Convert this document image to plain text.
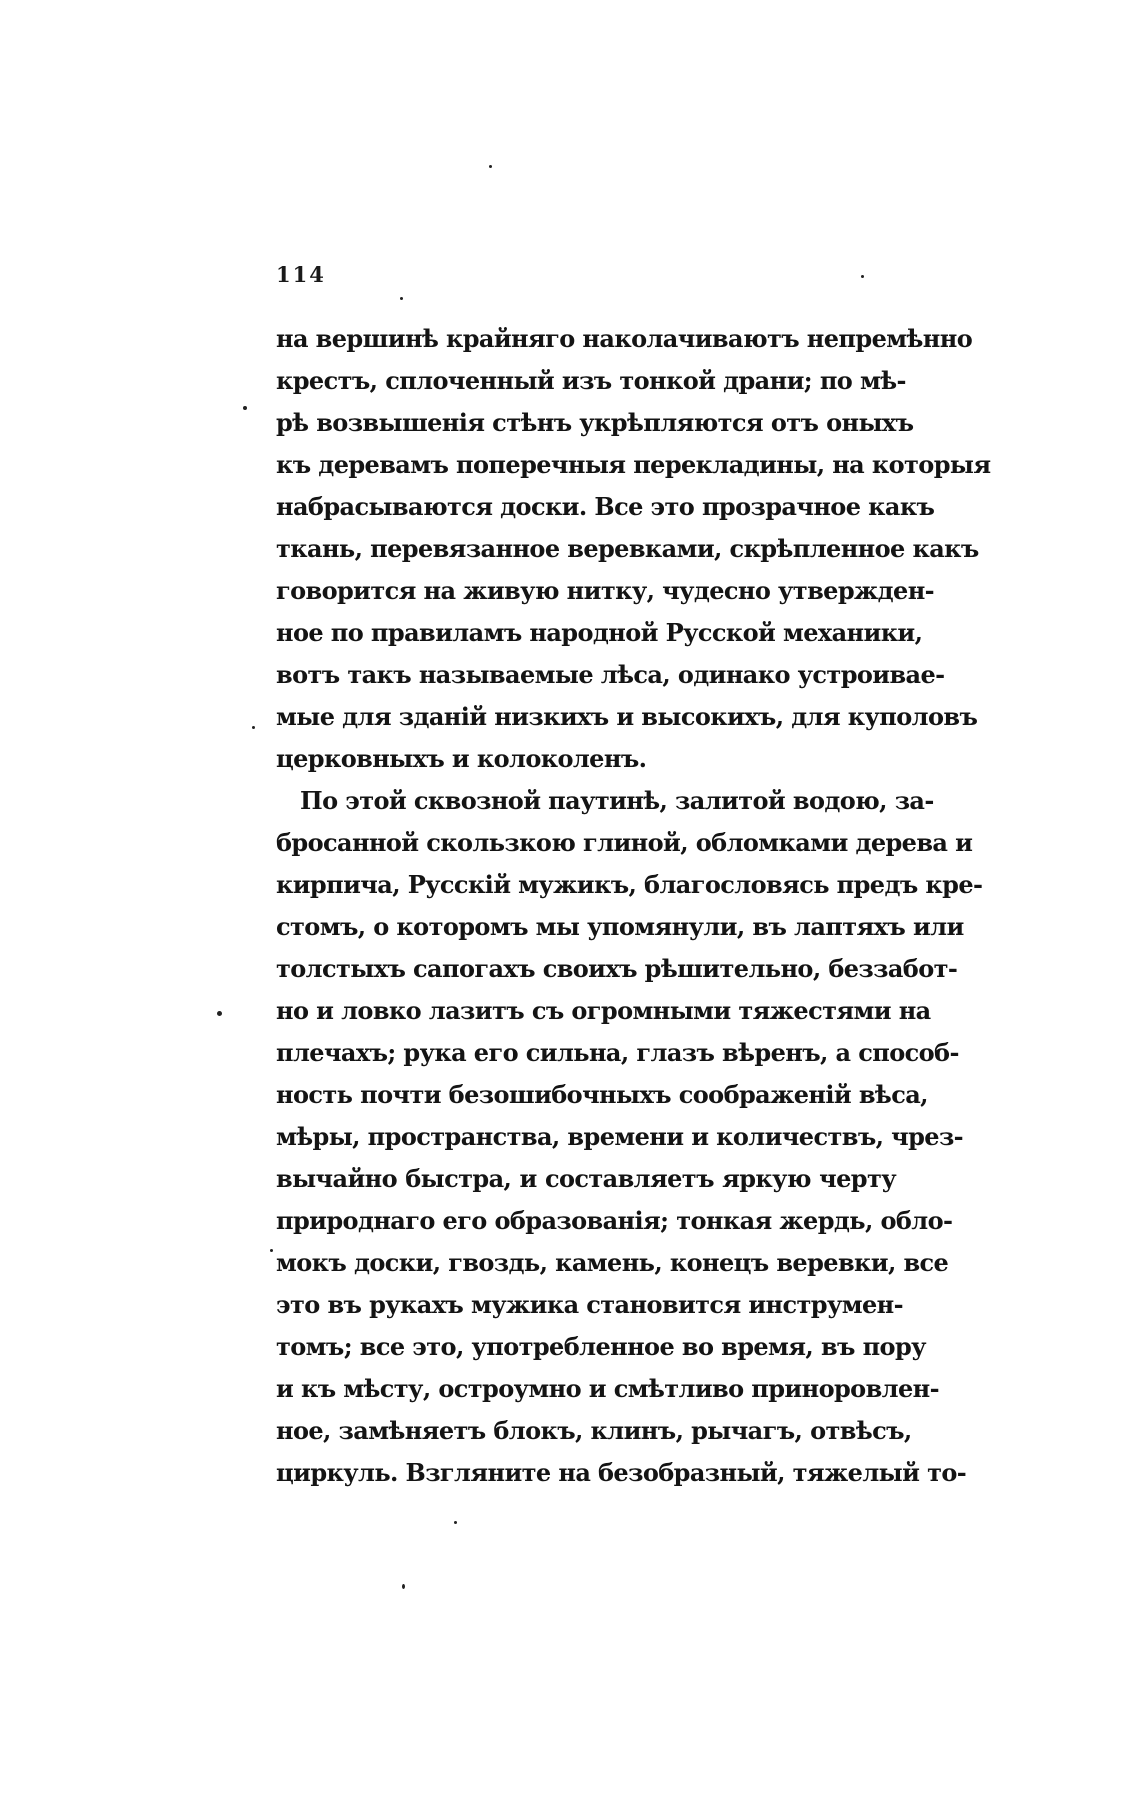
114
на вершинѣ крайняго наколачиваютъ непремѣнно
крестъ, сплоченный изъ тонкой драни; по мѣ-
рѣ возвышенія стѣнъ укрѣпляются отъ оныхъ
къ деревамъ поперечныя перекладины, на которыя
набрасываются доски. Все это прозрачное какъ
ткань, перевязанное веревками, скрѣпленное какъ
говорится на живую нитку, чудесно утвержден-
ное по правиламъ народной Русской механики,
вотъ такъ называемые лѣса, одинако устроивае-
мые для зданій низкихъ и высокихъ, для куполовъ
церковныхъ и колоколенъ.
По этой сквозной паутинѣ, залитой водою, за-
бросанной скользкою глиной, обломками дерева и
кирпича, Русскій мужикъ, благословясь предъ кре-
стомъ, о которомъ мы упомянули, въ лаптяхъ или
толстыхъ сапогахъ своихъ рѣшительно, беззабот-
но и ловко лазитъ съ огромными тяжестями на
плечахъ; рука его сильна, глазъ вѣренъ, а способ-
ность почти безошибочныхъ соображеній вѣса,
мѣры, пространства, времени и количествъ, чрез-
вычайно быстра, и составляетъ яркую черту
природнаго его образованія; тонкая жердь, обло-
мокъ доски, гвоздь, камень, конецъ веревки, все
это въ рукахъ мужика становится инструмен-
томъ; все это, употребленное во время, въ пору
и къ мѣсту, остроумно и смѣтливо приноровлен-
ное, замѣняетъ блокъ, клинъ, рычагъ, отвѣсъ,
циркуль. Взгляните на безобразный, тяжелый то-
